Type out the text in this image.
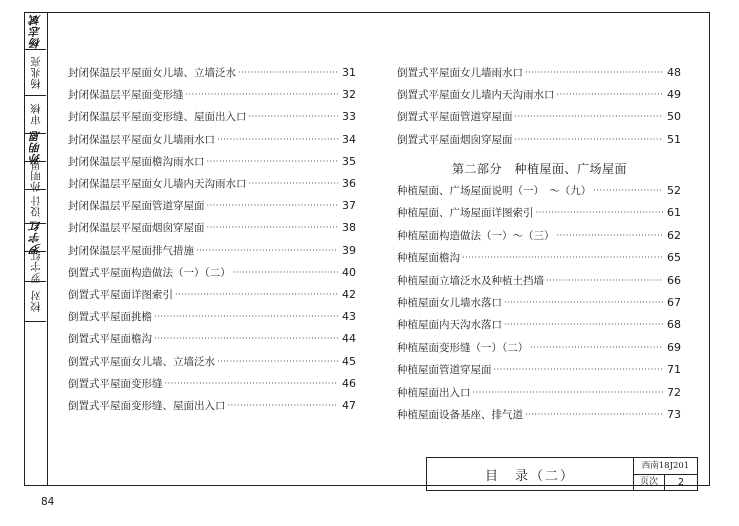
杨志斌
杨兆亮
审核
孙明恩
孙明恩
设计
罗宇红
罗宇红
校对
封闭保温层平屋面女儿墙、立墙泛水 ·····	31
封闭保温层平屋面变形缝 ·····	32
封闭保温层平屋面变形缝、屋面出入口 ·····	33
封闭保温层平屋面女儿墙雨水口 ·····	34
封闭保温层平屋面檐沟雨水口 ·····	35
封闭保温层平屋面女儿墙内天沟雨水口 ·····	36
封闭保温层平屋面管道穿屋面 ·····	37
封闭保温层平屋面烟囱穿屋面 ·····	38
封闭保温层平屋面排气措施 ·····	39
倒置式平屋面构造做法（一）（二） ·····	40
倒置式平屋面详图索引 ·····	42
倒置式平屋面挑檐 ·····	43
倒置式平屋面檐沟 ·····	44
倒置式平屋面女儿墙、立墙泛水 ·····	45
倒置式平屋面变形缝 ·····	46
倒置式平屋面变形缝、屋面出入口 ·····	47
倒置式平屋面女儿墙雨水口 ·····	48
倒置式平屋面女儿墙内天沟雨水口 ·····	49
倒置式平屋面管道穿屋面 ·····	50
倒置式平屋面烟囱穿屋面 ·····	51
种植屋面、广场屋面说明（一）　～（九） ·····	52
种植屋面、广场屋面详图索引 ·····	61
种植屋面构造做法（一）～（三） ·····	62
种植屋面檐沟 ·····	65
种植屋面立墙泛水及种植土挡墙 ·····	66
种植屋面女儿墙水落口 ·····	67
种植屋面内天沟水落口 ·····	68
种植屋面变形缝（一）（二） ·····	69
种植屋面管道穿屋面 ·····	71
种植屋面出入口 ·····	72
种植屋面设备基座、排气道 ·····	73
第二部分　种植屋面、广场屋面
目　录（二）
西南18J201
页次	2
84
